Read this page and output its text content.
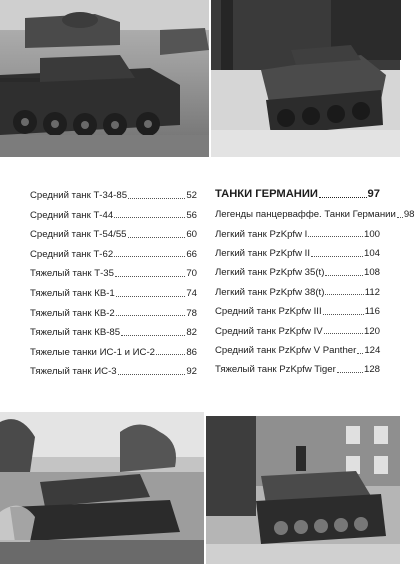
Средний танк Т-34-85	52
Средний танк Т-44	56
Средний танк Т-54/55	60
Средний танк Т-62	66
Тяжелый танк Т-35	70
Тяжелый танк КВ-1	74
Тяжелый танк КВ-2	78
Тяжелый танк КВ-85	82
Тяжелые танки ИС-1 и ИС-2	86
Тяжелый танк ИС-3	92
ТАНКИ ГЕРМАНИИ	97
Легенды панцерваффе. Танки Германии 98
Легкий танк PzKpfw I	100
Легкий танк PzKpfw II	104
Легкий танк PzKpfw 35(t)	108
Легкий танк PzKpfw 38(t)	112
Средний танк PzKpfw III	116
Средний танк PzKpfw IV	120
Средний танк PzKpfw V Panther 124
Тяжелый танк PzKpfw Tiger	128
